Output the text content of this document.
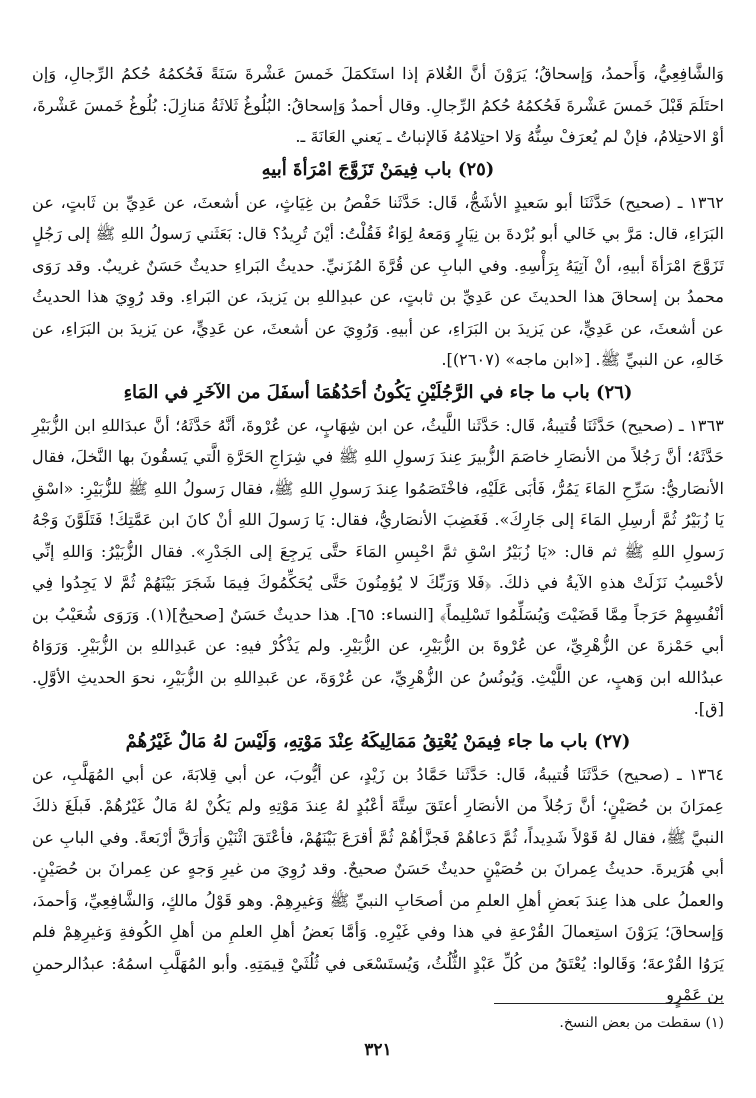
وَالشَّافِعِيُّ، وَأَحمدُ، وَإسحاقُ؛ يَرَوْنَ أنَّ الغُلامَ إذا استَكمَلَ خَمسَ عَشْرةَ سَنَةً فَحُكمُهُ حُكمُ الرِّجالِ، وَإن احتَلَمَ قَبْلَ خَمسَ عَشْرةَ فَحُكمُهُ حُكمُ الرِّجالِ. وقال أحمدُ وَإسحاقُ: البُلُوغُ ثَلاثَةُ مَنازِلَ: بُلُوغُ خَمسَ عَشْرةَ، أوْ الاحتِلامُ، فإنْ لم يُعرَفْ سِنُّهُ وَلا احتِلامُهُ فَالإنباتُ ـ يَعني العَانَةَ ـ.

(٢٥) باب فِيمَنْ تَزَوَّجَ امْرَأةَ أبيهِ

١٣٦٢ ـ (صحيح) حَدَّثَنَا أبو سَعيدٍ الأشَجُّ، قَال: حَدَّثَنا حَفْصُ بن غِيَاثٍ، عن أشعثَ، عن عَدِيِّ بن ثَابتٍ، عن البَرَاءِ، قال: مَرَّ بي خَالي أبو بُرْدةَ بن نِيَارٍ وَمَعهُ لِوَاءٌ فَقُلْتُ: أيْنَ تُرِيدُ؟ قال: بَعَثَني رَسولُ اللهِ ﷺ إلى رَجُلٍ تَزَوَّجَ امْرَأةَ أبيهِ، أنْ آتِيَهُ بِرَأْسِهِ. وفي البابِ عن قُرَّةَ المُزَنيِّ. حديثُ البَراءِ حديثٌ حَسَنٌ غريبٌ. وقد رَوَى محمدُ بن إسحاقَ هذا الحديثَ عن عَدِيِّ بن ثابتٍ، عن عبدِاللهِ بن يَزيدَ، عن البَراءِ. وقد رُوِيَ هذا الحديثُ عن أشعثَ، عن عَدِيٍّ، عن يَزيدَ بن البَرَاءِ، عن أبيهِ. وَرُوِيَ عن أشعثَ، عن عَدِيٍّ، عن يَزيدَ بن البَرَاءِ، عن خَالهِ، عن النبيِّ ﷺ. [«ابن ماجه» (٢٦٠٧)].

(٢٦) باب ما جاء في الرَّجُلَيْنِ يَكُونُ أحَدُهُمَا أسفَلَ من الآخَرِ في المَاءِ

١٣٦٣ ـ (صحيح) حَدَّثَنَا قُتيبةُ، قَال: حَدَّثَنا اللَّيثُ، عن ابن شِهَابٍ، عن عُرْوةَ، أنَّهُ حَدَّثَهُ؛ أنَّ عبدَاللهِ ابن الزُّبَيْرِ حَدَّثَهُ؛ أنَّ رَجُلاً من الأنصَارِ خاصَمَ الزُّبيرَ عِندَ رَسولِ اللهِ ﷺ في شِرَاجِ الحَرَّةِ الَّتي يَسقُونَ بها النَّخلَ، فقال الأنصَاريُّ: سَرِّحِ المَاءَ يَمُرُّ، فَأبَى عَلَيْهِ، فاخْتَصَمُوا عِندَ رَسولِ اللهِ ﷺ، فقال رَسولُ اللهِ ﷺ للزُّبَيْرِ: «اسْقِ يَا زُبَيْرُ ثُمَّ أرسِلِ المَاءَ إلى جَارِكَ». فَغَضِبَ الأنصَاريُّ، فقال: يَا رَسولَ اللهِ أنْ كانَ ابن عَمَّتِكَ! فَتَلَوَّنَ وَجْهُ رَسولِ اللهِ ﷺ ثم قال: «يَا زُبَيْرُ اسْقِ ثمَّ احْبِسِ المَاءَ حتَّى يَرجِعَ إلى الجَدْرِ». فقال الزُّبَيْرُ: وَاللهِ إنِّي لأحْسِبُ نَزَلَتْ هذهِ الآيةُ في ذلكَ. ﴿فَلا وَرَبِّكَ لا يُؤمِنُونَ حَتَّى يُحَكِّمُوكَ فِيمَا شَجَرَ بَيْنَهُمْ ثُمَّ لا يَجِدُوا فِي أنْفُسِهِمْ حَرَجاً مِمَّا قَضَيْتَ وَيُسَلِّمُوا تَسْلِيماً﴾ [النساء: ٦٥]. هذا حديثٌ حَسَنٌ [صحيحٌ](١). وَرَوَى شُعَيْبُ بن أبي حَمْزةَ عن الزُّهْرِيِّ، عن عُرْوةَ بن الزُّبَيْرِ، عن الزُّبَيْرِ. ولم يَذْكُرْ فيهِ: عن عَبدِاللهِ بن الزُّبَيْرِ. وَرَوَاهُ عبدُالله ابن وَهبٍ، عن اللَّيْثِ. وَيُونُسُ عن الزُّهْرِيِّ، عن عُرْوَةَ، عن عَبدِاللهِ بن الزُّبَيْرِ، نحوَ الحديثِ الأوَّلِ. [ق].

(٢٧) باب ما جاء فِيمَنْ يُعْتِقُ مَمَالِيكَهُ عِنْدَ مَوْتِهِ، وَلَيْسَ لهُ مَالٌ غَيْرُهُمْ

١٣٦٤ ـ (صحيح) حَدَّثَنَا قُتيبةُ، قَال: حَدَّثَنا حَمَّادُ بن زَيْدٍ، عن أيُّوبَ، عن أبي قِلابَةَ، عن أبي المُهَلَّبِ، عن عِمرَانَ بن حُصَيْنٍ؛ أنَّ رَجُلاً من الأنصَارِ أعتَقَ سِتَّةَ أعْبُدٍ لهُ عِندَ مَوْتِهِ ولم يَكُنْ لهُ مَالٌ غَيْرُهُمْ. فَبلَغَ ذلكَ النبيَّ ﷺ، فقال لهُ قَوْلاً شَدِيداً، ثُمَّ دَعاهُمْ فَجزَّأهُمْ ثُمَّ أقرَعَ بَيْنَهُمْ، فأعْتَقَ اثْنَيْنِ وَأرَقَّ أرْبَعةً. وفي البابِ عن أبي هُرَيرةَ. حديثُ عِمرانَ بن حُصَيْنٍ حديثٌ حَسَنٌ صحيحٌ. وقد رُوِيَ من غيرِ وَجهٍ عن عِمرانَ بن حُصَيْنٍ. والعملُ على هذا عِندَ بَعضِ أهلِ العلمِ من أصحَابِ النبيِّ ﷺ وَغيرِهِمْ. وهو قَوْلُ مالكٍ، وَالشَّافِعِيِّ، وَأحمدَ، وَإسحاقَ؛ يَرَوْنَ استِعمالَ القُرْعةِ في هذا وفي غَيْرِهِ. وَأمَّا بَعضُ أهلِ العلمِ من أهلِ الكُوفةِ وَغيرِهِمْ فلم يَرَوُا القُرْعةَ؛ وَقَالوا: يُعْتَقُ من كُلِّ عَبْدٍ الثُّلُثُ، وَيُستَسْعَى في ثُلُثَيْ قِيمَتِهِ. وأبو المُهَلَّبِ اسمُهُ: عبدُالرحمنِ بن عَمْرٍو

(١) سقطت من بعض النسخ.
٣٢١
